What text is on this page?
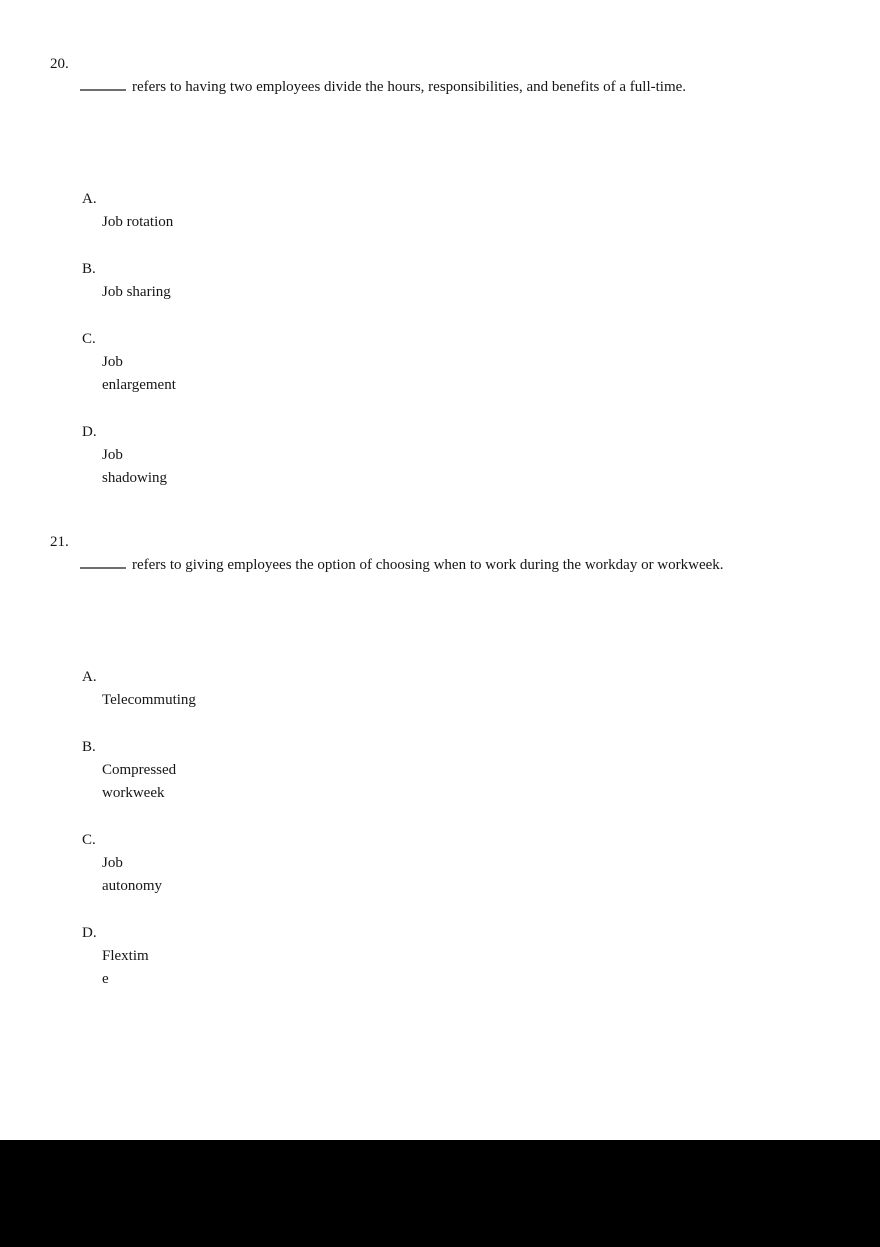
20.
refers to having two employees divide the hours, responsibilities, and benefits of a full-time.
A.
Job rotation
B.
Job sharing
C.
Job
enlargement
D.
Job
shadowing
21.
refers to giving employees the option of choosing when to work during the workday or workweek.
A.
Telecommuting
B.
Compressed
workweek
C.
Job
autonomy
D.
Flextim
e
